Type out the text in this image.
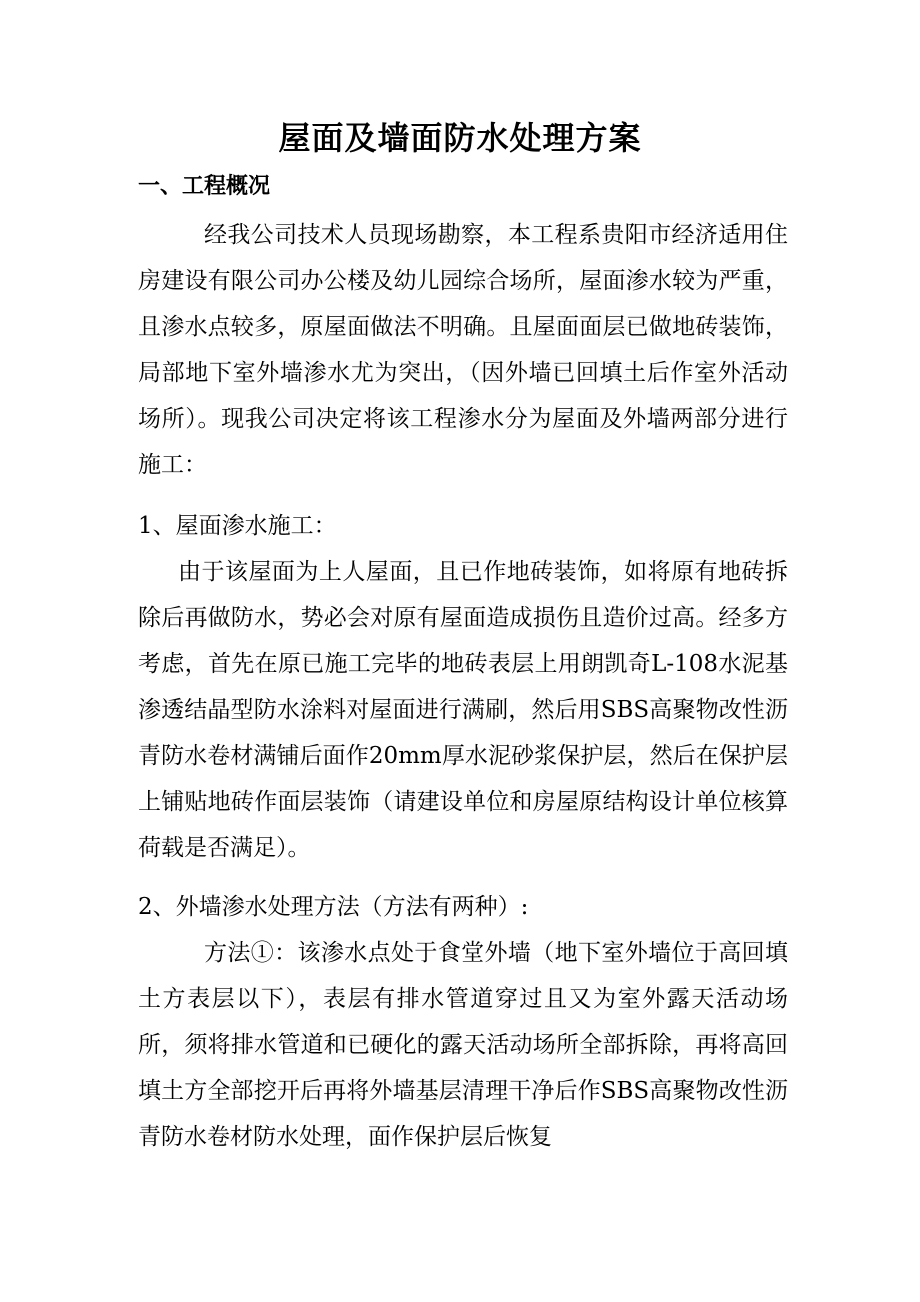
屋面及墙面防水处理方案
一、工程概况

经我公司技术人员现场勘察，本工程系贵阳市经济适用住房建设有限公司办公楼及幼儿园综合场所，屋面渗水较为严重，且渗水点较多，原屋面做法不明确。且屋面面层已做地砖装饰，局部地下室外墙渗水尤为突出，（因外墙已回填土后作室外活动场所）。现我公司决定将该工程渗水分为屋面及外墙两部分进行施工：

1、屋面渗水施工：

由于该屋面为上人屋面，且已作地砖装饰，如将原有地砖拆除后再做防水，势必会对原有屋面造成损伤且造价过高。经多方考虑，首先在原已施工完毕的地砖表层上用朗凯奇L-108水泥基渗透结晶型防水涂料对屋面进行满刷，然后用SBS高聚物改性沥青防水卷材满铺后面作20mm厚水泥砂浆保护层，然后在保护层上铺贴地砖作面层装饰（请建设单位和房屋原结构设计单位核算荷载是否满足）。

2、外墙渗水处理方法（方法有两种）:

方法①：该渗水点处于食堂外墙（地下室外墙位于高回填土方表层以下），表层有排水管道穿过且又为室外露天活动场所，须将排水管道和已硬化的露天活动场所全部拆除，再将高回填土方全部挖开后再将外墙基层清理干净后作SBS高聚物改性沥青防水卷材防水处理，面作保护层后恢复
